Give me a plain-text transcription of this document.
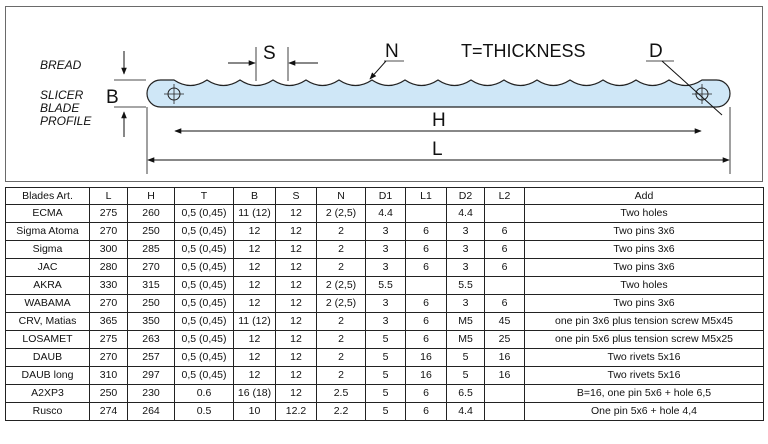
BREAD
SLICER
BLADE
PROFILE
B
S	N	T=THICKNESS	D
H
L
Blades Art.	L	H	T	B	S	N	D1	L1	D2	L2	Add
ECMA	275	260	0,5 (0,45)	11 (12)	12	2 (2,5)	4.4		4.4		Two holes
Sigma Atoma	270	250	0,5 (0,45)	12	12	2	3	6	3	6	Two pins 3x6
Sigma	300	285	0,5 (0,45)	12	12	2	3	6	3	6	Two pins 3x6
JAC	280	270	0,5 (0,45)	12	12	2	3	6	3	6	Two pins 3x6
AKRA	330	315	0,5 (0,45)	12	12	2 (2,5)	5.5		5.5		Two holes
WABAMA	270	250	0,5 (0,45)	12	12	2 (2,5)	3	6	3	6	Two pins 3x6
CRV, Matias	365	350	0,5 (0,45)	11 (12)	12	2	3	6	M5	45	one pin 3x6 plus tension screw M5x45
LOSAMET	275	263	0,5 (0,45)	12	12	2	5	6	M5	25	one pin 5x6 plus tension screw M5x25
DAUB	270	257	0,5 (0,45)	12	12	2	5	16	5	16	Two rivets 5x16
DAUB long	310	297	0,5 (0,45)	12	12	2	5	16	5	16	Two rivets 5x16
A2XP3	250	230	0.6	16 (18)	12	2.5	5	6	6.5		B=16, one pin 5x6 + hole 6,5
Rusco	274	264	0.5	10	12.2	2.2	5	6	4.4		One pin 5x6 + hole 4,4
